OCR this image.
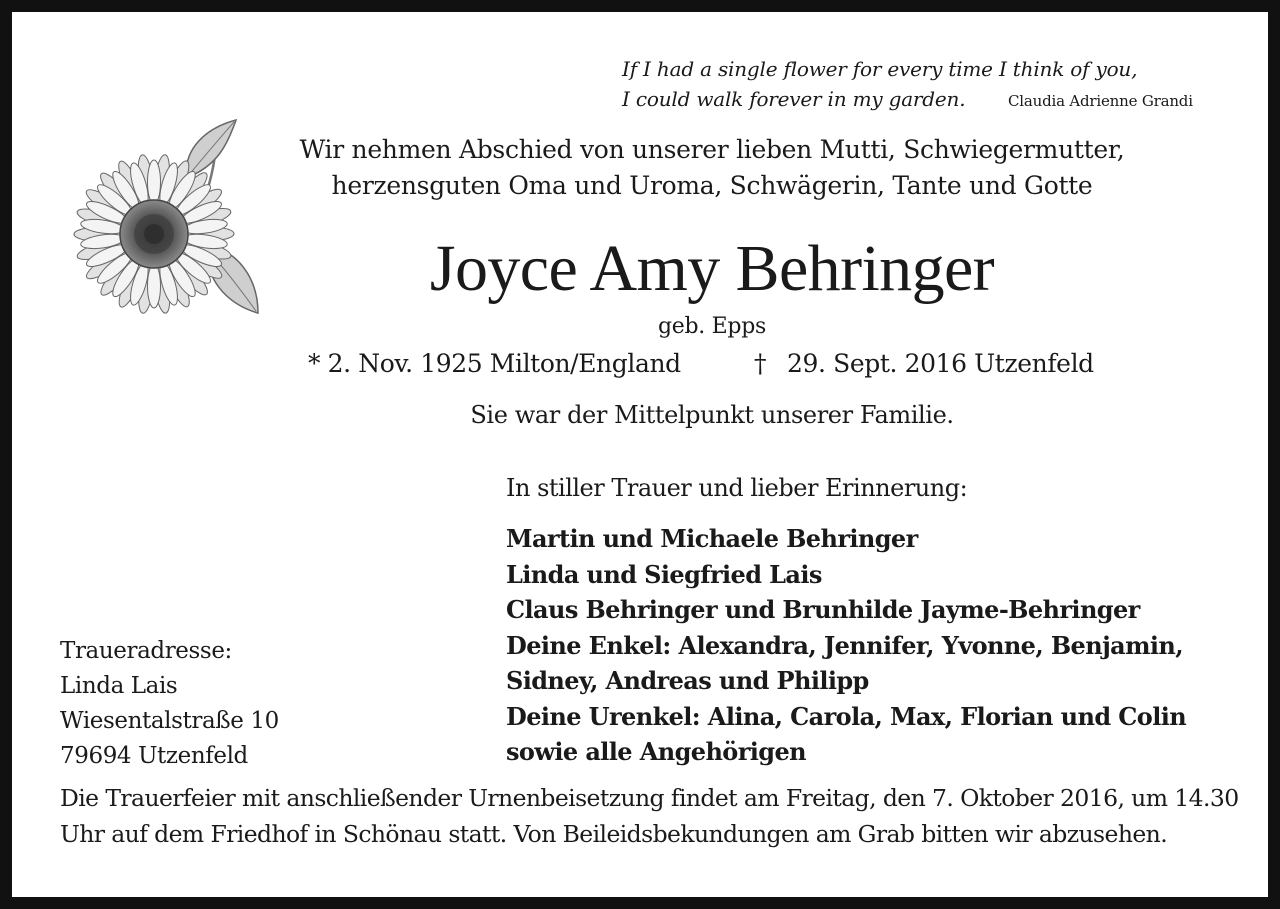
If I had a single flower for every time I think of you,
I could walk forever in my garden.	Claudia Adrienne Grandi
Wir nehmen Abschied von unserer lieben Mutti, Schwiegermutter,
herzensguten Oma und Uroma, Schwägerin, Tante und Gotte
Joyce Amy Behringer
geb. Epps
* 2. Nov. 1925 Milton/England	† 29. Sept. 2016 Utzenfeld
Sie war der Mittelpunkt unserer Familie.
In stiller Trauer und lieber Erinnerung:
Martin und Michaele Behringer
Linda und Siegfried Lais
Claus Behringer und Brunhilde Jayme-Behringer
Deine Enkel: Alexandra, Jennifer, Yvonne, Benjamin,
Sidney, Andreas und Philipp
Deine Urenkel: Alina, Carola, Max, Florian und Colin
sowie alle Angehörigen
Traueradresse:
Linda Lais
Wiesentalstraße 10
79694 Utzenfeld
Die Trauerfeier mit anschließender Urnenbeisetzung findet am Freitag, den 7. Oktober 2016, um 14.30
Uhr auf dem Friedhof in Schönau statt. Von Beileidsbekundungen am Grab bitten wir abzusehen.
